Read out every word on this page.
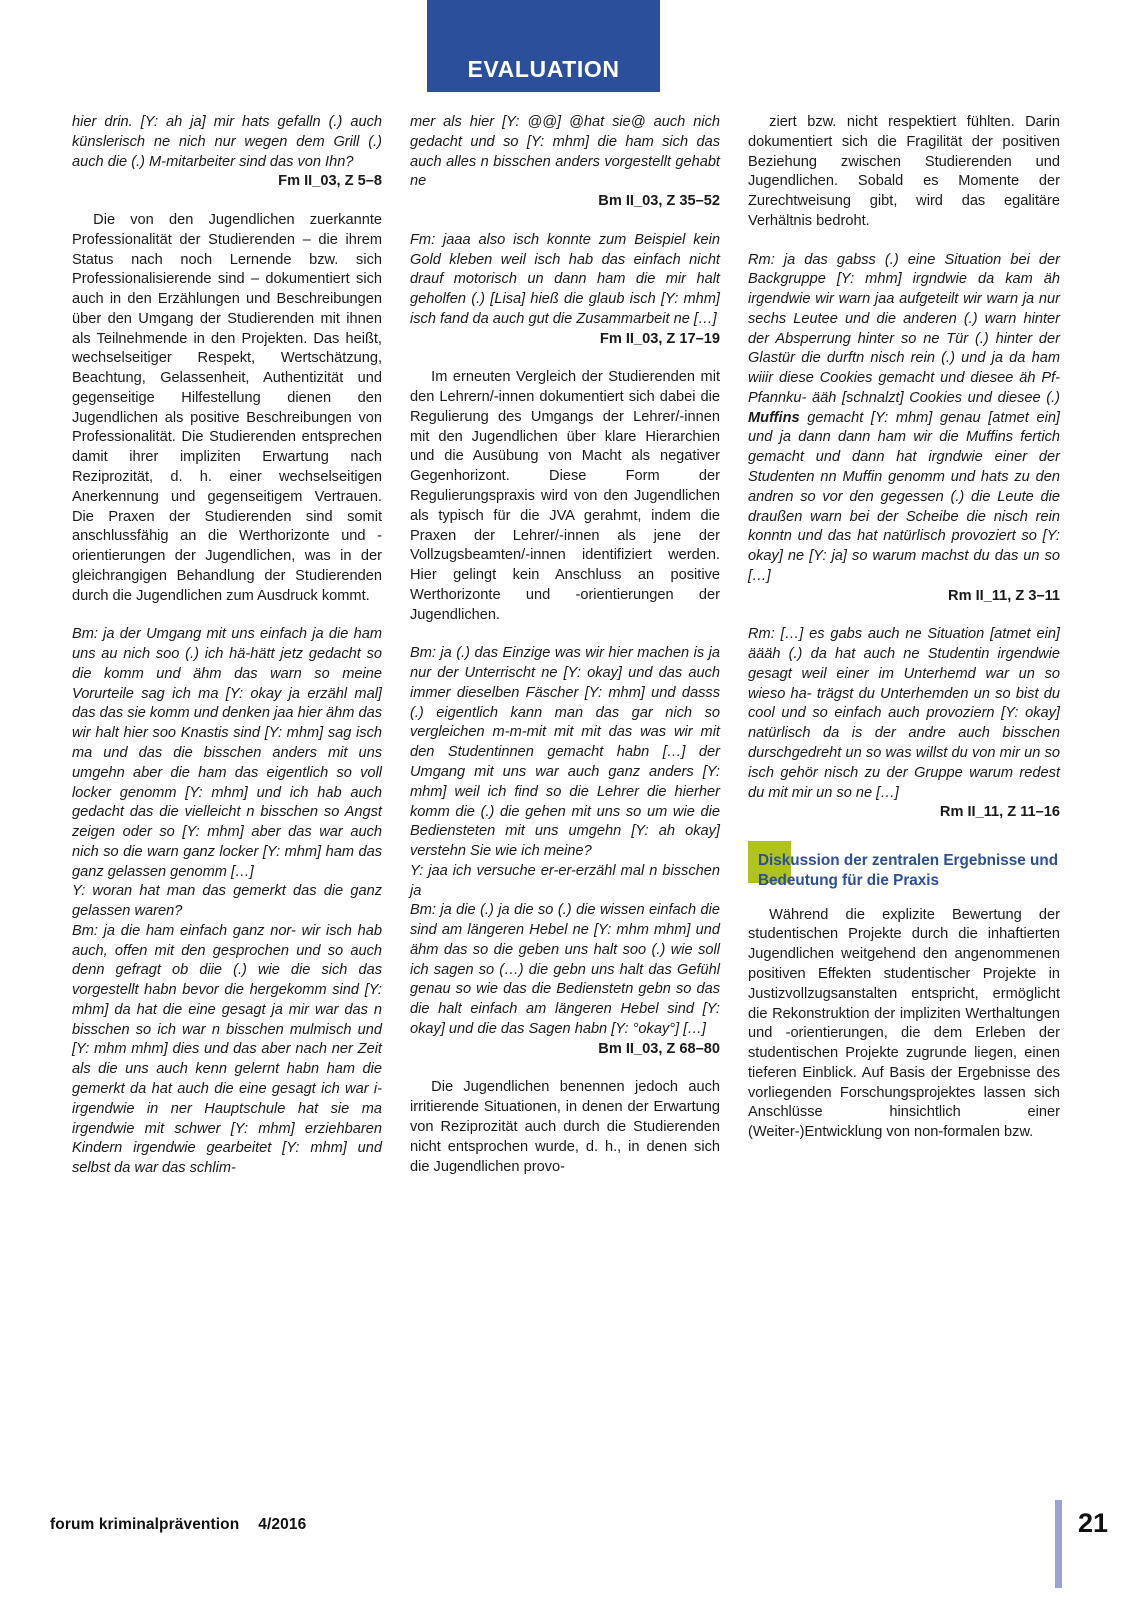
EVALUATION

hier drin. [Y: ah ja] mir hats gefalln (.) auch künslerisch ne nich nur wegen dem Grill (.) auch die (.) M-mitarbeiter sind das von Ihn?

Fm II_03, Z 5–8

Die von den Jugendlichen zuerkannte Professionalität der Studierenden – die ihrem Status nach noch Lernende bzw. sich Professionalisierende sind – dokumentiert sich auch in den Erzählungen und Beschreibungen über den Umgang der Studierenden mit ihnen als Teilnehmende in den Projekten. Das heißt, wechselseitiger Respekt, Wertschätzung, Beachtung, Gelassenheit, Authentizität und gegenseitige Hilfestellung dienen den Jugendlichen als positive Beschreibungen von Professionalität. Die Studierenden entsprechen damit ihrer impliziten Erwartung nach Reziprozität, d. h. einer wechselseitigen Anerkennung und gegenseitigem Vertrauen. Die Praxen der Studierenden sind somit anschlussfähig an die Werthorizonte und -orientierungen der Jugendlichen, was in der gleichrangigen Behandlung der Studierenden durch die Jugendlichen zum Ausdruck kommt.

Bm: ja der Umgang mit uns einfach ja die ham uns au nich soo (.) ich hä-hätt jetz gedacht so die komm und ähm das warn so meine Vorurteile sag ich ma [Y: okay ja erzähl mal] das das sie komm und denken jaa hier ähm das wir halt hier soo Knastis sind [Y: mhm] sag isch ma und das die bisschen anders mit uns umgehn aber die ham das eigentlich so voll locker genomm [Y: mhm] und ich hab auch gedacht das die vielleicht n bisschen so Angst zeigen oder so [Y: mhm] aber das war auch nich so die warn ganz locker [Y: mhm] ham das ganz gelassen genomm […]

Y: woran hat man das gemerkt das die ganz gelassen waren?

Bm: ja die ham einfach ganz nor- wir isch hab auch, offen mit den gesprochen und so auch denn gefragt ob diie (.) wie die sich das vorgestellt habn bevor die hergekomm sind [Y: mhm] da hat die eine gesagt ja mir war das n bisschen so ich war n bisschen mulmisch und [Y: mhm mhm] dies und das aber nach ner Zeit als die uns auch kenn gelernt habn ham die gemerkt da hat auch die eine gesagt ich war i-irgendwie in ner Hauptschule hat sie ma irgendwie mit schwer [Y: mhm] erziehbaren Kindern irgendwie gearbeitet [Y: mhm] und selbst da war das schlim-

mer als hier [Y: @@] @hat sie@ auch nich gedacht und so [Y: mhm] die ham sich das auch alles n bisschen anders vorgestellt gehabt ne

Bm II_03, Z 35–52

Fm: jaaa also isch konnte zum Beispiel kein Gold kleben weil isch hab das einfach nicht drauf motorisch un dann ham die mir halt geholfen (.) [Lisa] hieß die glaub isch [Y: mhm] isch fand da auch gut die Zusammarbeit ne […]

Fm II_03, Z 17–19

Im erneuten Vergleich der Studierenden mit den Lehrern/-innen dokumentiert sich dabei die Regulierung des Umgangs der Lehrer/-innen mit den Jugendlichen über klare Hierarchien und die Ausübung von Macht als negativer Gegenhorizont. Diese Form der Regulierungspraxis wird von den Jugendlichen als typisch für die JVA gerahmt, indem die Praxen der Lehrer/-innen als jene der Vollzugsbeamten/-innen identifiziert werden. Hier gelingt kein Anschluss an positive Werthorizonte und -orientierungen der Jugendlichen.

Bm: ja (.) das Einzige was wir hier machen is ja nur der Unterrischt ne [Y: okay] und das auch immer dieselben Fäscher [Y: mhm] und dasss (.) eigentlich kann man das gar nich so vergleichen m-m-mit mit mit das was wir mit den Studentinnen gemacht habn […] der Umgang mit uns war auch ganz anders [Y: mhm] weil ich find so die Lehrer die hierher komm die (.) die gehen mit uns so um wie die Bediensteten mit uns umgehn [Y: ah okay] verstehn Sie wie ich meine?

Y: jaa ich versuche er-er-erzähl mal n bisschen ja

Bm: ja die (.) ja die so (.) die wissen einfach die sind am längeren Hebel ne [Y: mhm mhm] und ähm das so die geben uns halt soo (.) wie soll ich sagen so (…) die gebn uns halt das Gefühl genau so wie das die Bedienstetn gebn so das die halt einfach am längeren Hebel sind [Y: okay] und die das Sagen habn [Y: °okay°] […]

Bm II_03, Z 68–80

Die Jugendlichen benennen jedoch auch irritierende Situationen, in denen der Erwartung von Reziprozität auch durch die Studierenden nicht entsprochen wurde, d. h., in denen sich die Jugendlichen provo-

ziert bzw. nicht respektiert fühlten. Darin dokumentiert sich die Fragilität der positiven Beziehung zwischen Studierenden und Jugendlichen. Sobald es Momente der Zurechtweisung gibt, wird das egalitäre Verhältnis bedroht.

Rm: ja das gabss (.) eine Situation bei der Backgruppe [Y: mhm] irgndwie da kam äh irgendwie wir warn jaa aufgeteilt wir warn ja nur sechs Leutee und die anderen (.) warn hinter der Absperrung hinter so ne Tür (.) hinter der Glastür die durftn nisch rein (.) und ja da ham wiiir diese Cookies gemacht und diesee äh Pf-Pfannku- ääh [schnalzt] Cookies und diesee (.) Muffins gemacht [Y: mhm] genau [atmet ein] und ja dann dann ham wir die Muffins fertich gemacht und dann hat irgndwie einer der Studenten nn Muffin genomm und hats zu den andren so vor den gegessen (.) die Leute die draußen warn bei der Scheibe die nisch rein konntn und das hat natürlisch provoziert so [Y: okay] ne [Y: ja] so warum machst du das un so […]

Rm II_11, Z 3–11

Rm: […] es gabs auch ne Situation [atmet ein] äääh (.) da hat auch ne Studentin irgendwie gesagt weil einer im Unterhemd war un so wieso ha- trägst du Unterhemden un so bist du cool und so einfach auch provoziern [Y: okay] natürlisch da is der andre auch bisschen durschgedreht un so was willst du von mir un so isch gehör nisch zu der Gruppe warum redest du mit mir un so ne […]

Rm II_11, Z 11–16

Diskussion der zentralen Ergebnisse und Bedeutung für die Praxis

Während die explizite Bewertung der studentischen Projekte durch die inhaftierten Jugendlichen weitgehend den angenommenen positiven Effekten studentischer Projekte in Justizvollzugsanstalten entspricht, ermöglicht die Rekonstruktion der impliziten Werthaltungen und -orientierungen, die dem Erleben der studentischen Projekte zugrunde liegen, einen tieferen Einblick. Auf Basis der Ergebnisse des vorliegenden Forschungsprojektes lassen sich Anschlüsse hinsichtlich einer (Weiter-)Entwicklung von non-formalen bzw.

forum kriminalprävention 4/2016	21
